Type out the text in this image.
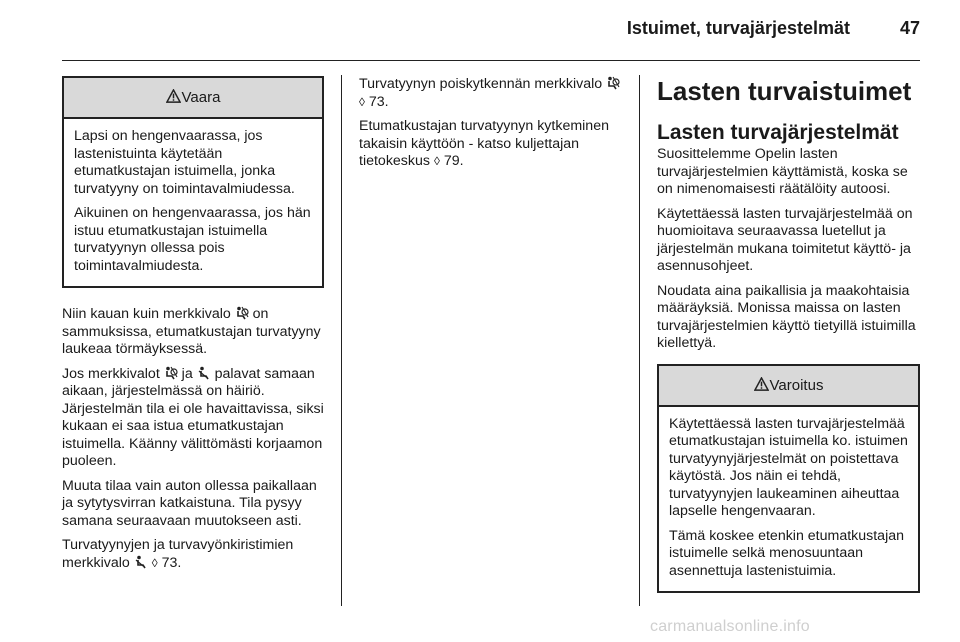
Istuimet, turvajärjestelmät	47
Vaara

Lapsi on hengenvaarassa, jos lastenistuinta käytetään etumatkustajan istuimella, jonka turvatyyny on toimintavalmiudessa.

Aikuinen on hengenvaarassa, jos hän istuu etumatkustajan istuimella turvatyynyn ollessa pois toimintavalmiudesta.

Niin kauan kuin merkkivalo on sammuksissa, etumatkustajan turvatyyny laukeaa törmäyksessä.

Jos merkkivalot ja palavat samaan aikaan, järjestelmässä on häiriö. Järjestelmän tila ei ole havaittavissa, siksi kukaan ei saa istua etumatkustajan istuimella. Käänny välittömästi korjaamon puoleen.

Muuta tilaa vain auton ollessa paikallaan ja sytytysvirran katkaistuna. Tila pysyy samana seuraavaan muutokseen asti.

Turvatyynyjen ja turvavyönkiristimien merkkivalo ◊ 73.

Turvatyynyn poiskytkennän merkkivalo  ◊ 73.

Etumatkustajan turvatyynyn kytkeminen takaisin käyttöön - katso kuljettajan tietokeskus ◊ 79.

Lasten turvaistuimet
Lasten turvajärjestelmät

Suosittelemme Opelin lasten turvajärjestelmien käyttämistä, koska se on nimenomaisesti räätälöity autoosi.

Käytettäessä lasten turvajärjestelmää on huomioitava seuraavassa luetellut ja järjestelmän mukana toimitetut käyttö- ja asennusohjeet.

Noudata aina paikallisia ja maakohtaisia määräyksiä. Monissa maissa on lasten turvajärjestelmien käyttö tietyillä istuimilla kiellettyä.

Varoitus

Käytettäessä lasten turvajärjestelmää etumatkustajan istuimella ko. istuimen turvatyynyjärjestelmät on poistettava käytöstä. Jos näin ei tehdä, turvatyynyjen laukeaminen aiheuttaa lapselle hengenvaaran.

Tämä koskee etenkin etumatkustajan istuimelle selkä menosuuntaan asennettuja lastenistuimia.

carmanualsonline.info
